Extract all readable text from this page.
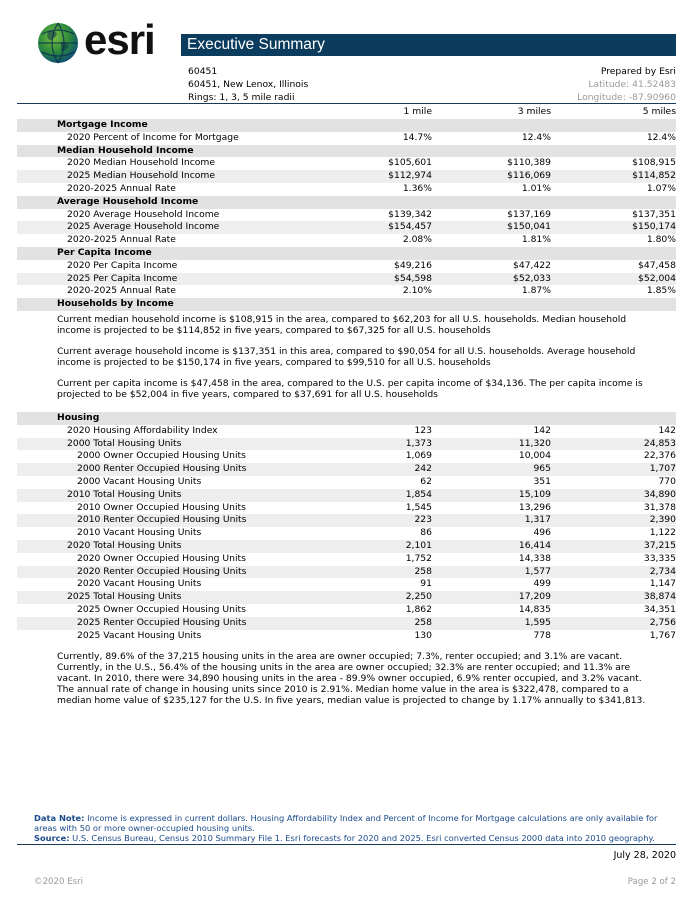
esri Executive Summary
60451
60451, New Lenox, Illinois
Rings: 1, 3, 5 mile radii
Prepared by Esri
Latitude: 41.52483
Longitude: -87.90960
1 mile	3 miles	5 miles
Mortgage Income
2020 Percent of Income for Mortgage	14.7%	12.4%	12.4%
Median Household Income
2020 Median Household Income	$105,601	$110,389	$108,915
2025 Median Household Income	$112,974	$116,069	$114,852
2020-2025 Annual Rate	1.36%	1.01%	1.07%
Average Household Income
2020 Average Household Income	$139,342	$137,169	$137,351
2025 Average Household Income	$154,457	$150,041	$150,174
2020-2025 Annual Rate	2.08%	1.81%	1.80%
Per Capita Income
2020 Per Capita Income	$49,216	$47,422	$47,458
2025 Per Capita Income	$54,598	$52,033	$52,004
2020-2025 Annual Rate	2.10%	1.87%	1.85%
Households by Income
Current median household income is $108,915 in the area, compared to $62,203 for all U.S. households. Median household income is projected to be $114,852 in five years, compared to $67,325 for all U.S. households
Current average household income is $137,351 in this area, compared to $90,054 for all U.S. households. Average household income is projected to be $150,174 in five years, compared to $99,510 for all U.S. households
Current per capita income is $47,458 in the area, compared to the U.S. per capita income of $34,136. The per capita income is projected to be $52,004 in five years, compared to $37,691 for all U.S. households
Housing
2020 Housing Affordability Index	123	142	142
2000 Total Housing Units	1,373	11,320	24,853
2000 Owner Occupied Housing Units	1,069	10,004	22,376
2000 Renter Occupied Housing Units	242	965	1,707
2000 Vacant Housing Units	62	351	770
2010 Total Housing Units	1,854	15,109	34,890
2010 Owner Occupied Housing Units	1,545	13,296	31,378
2010 Renter Occupied Housing Units	223	1,317	2,390
2010 Vacant Housing Units	86	496	1,122
2020 Total Housing Units	2,101	16,414	37,215
2020 Owner Occupied Housing Units	1,752	14,338	33,335
2020 Renter Occupied Housing Units	258	1,577	2,734
2020 Vacant Housing Units	91	499	1,147
2025 Total Housing Units	2,250	17,209	38,874
2025 Owner Occupied Housing Units	1,862	14,835	34,351
2025 Renter Occupied Housing Units	258	1,595	2,756
2025 Vacant Housing Units	130	778	1,767
Currently, 89.6% of the 37,215 housing units in the area are owner occupied; 7.3%, renter occupied; and 3.1% are vacant. Currently, in the U.S., 56.4% of the housing units in the area are owner occupied; 32.3% are renter occupied; and 11.3% are vacant. In 2010, there were 34,890 housing units in the area - 89.9% owner occupied, 6.9% renter occupied, and 3.2% vacant. The annual rate of change in housing units since 2010 is 2.91%. Median home value in the area is $322,478, compared to a median home value of $235,127 for the U.S. In five years, median value is projected to change by 1.17% annually to $341,813.
Data Note: Income is expressed in current dollars. Housing Affordability Index and Percent of Income for Mortgage calculations are only available for areas with 50 or more owner-occupied housing units.
Source: U.S. Census Bureau, Census 2010 Summary File 1. Esri forecasts for 2020 and 2025. Esri converted Census 2000 data into 2010 geography.
July 28, 2020
©2020 Esri	Page 2 of 2
